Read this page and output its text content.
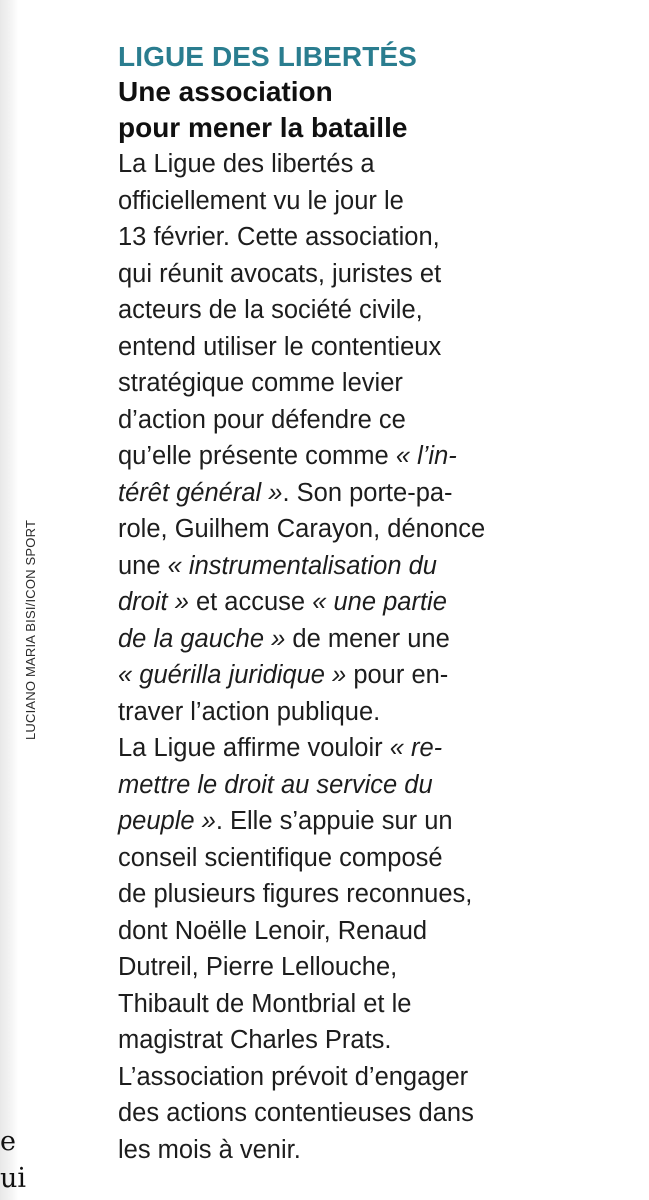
LUCIANO MARIA BISI/ICON SPORT
e
ui
LIGUE DES LIBERTÉS
Une association
pour mener la bataille
La Ligue des libertés a
officiellement vu le jour le
13 février. Cette association,
qui réunit avocats, juristes et
acteurs de la société civile,
entend utiliser le contentieux
stratégique comme levier
d’action pour défendre ce
qu’elle présente comme « l’in-
térêt général ». Son porte-pa-
role, Guilhem Carayon, dénonce
une « instrumentalisation du
droit » et accuse « une partie
de la gauche » de mener une
« guérilla juridique » pour en-
traver l’action publique.
La Ligue affirme vouloir « re-
mettre le droit au service du
peuple ». Elle s’appuie sur un
conseil scientifique composé
de plusieurs figures reconnues,
dont Noëlle Lenoir, Renaud
Dutreil, Pierre Lellouche,
Thibault de Montbrial et le
magistrat Charles Prats.
L’association prévoit d’engager
des actions contentieuses dans
les mois à venir.
